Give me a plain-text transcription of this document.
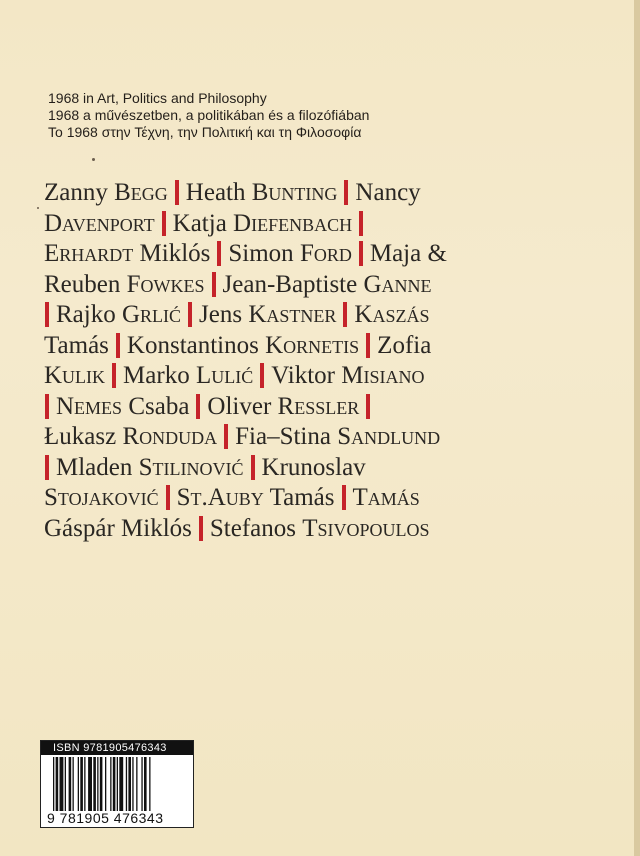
1968 in Art, Politics and Philosophy
1968 a művészetben, a politikában és a filozófiában
Το 1968 στην Τέχνη, την Πολιτική και τη Φιλοσοφία
Zanny Begg Heath Bunting Nancy
Davenport Katja Diefenbach
Erhardt Miklós Simon Ford Maja &
Reuben Fowkes Jean-Baptiste Ganne
Rajko Grlić Jens Kastner Kaszás
Tamás Konstantinos Kornetis Zofia
Kulik Marko Lulić Viktor Misiano
Nemes Csaba Oliver Ressler
Łukasz Ronduda Fia–Stina Sandlund
Mladen Stilinović Krunoslav
Stojaković St.Auby Tamás Tamás
Gáspár Miklós Stefanos Tsivopoulos
ISBN 9781905476343
9 781905 476343
